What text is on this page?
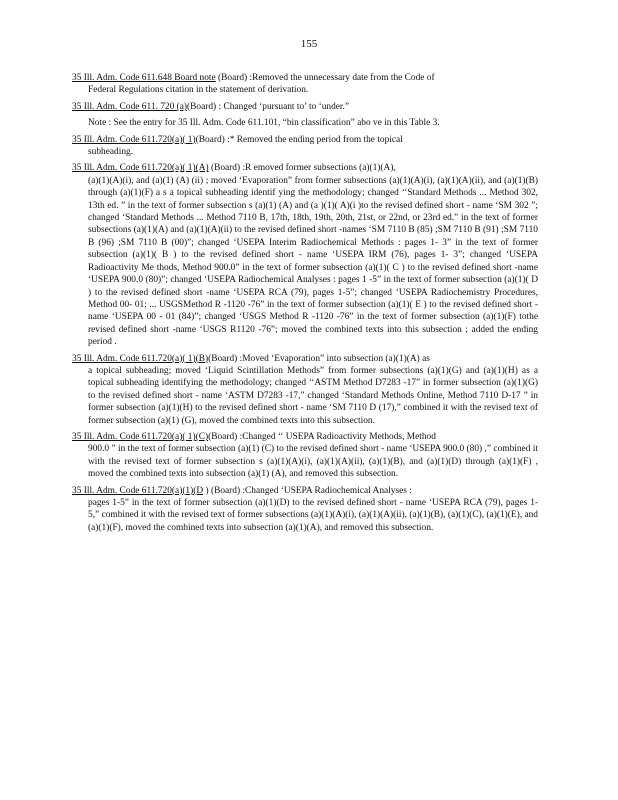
155

35 Ill. Adm. Code 611.648 Board note (Board) :Removed the unnecessary date from the Code of
Federal Regulations citation in the statement of derivation.

35 Ill. Adm. Code 611. 720 (a)(Board) : Changed ‘pursuant to’ to ‘under.”

Note : See the entry for 35 Ill. Adm. Code 611.101, “bin classification” abo ve in this Table 3.

35 Ill. Adm. Code 611.720(a)( 1)(Board) :* Removed the ending period from the topical
subheading.

35 Ill. Adm. Code 611.720(a)( 1)(A) (Board) :R emoved former subsections (a)(1)(A),
(a)(1)(A)(i), and (a)(1) (A) (ii) ; moved ‘Evaporation” from former subsections (a)(1)(A)(i), (a)(1)(A)(ii), and (a)(1)(B) through (a)(1)(F) a s a topical subheading identif ying the methodology; changed ‘‘Standard Methods ... Method 302, 13th ed. ” in the text of former subsection s (a)(1) (A) and (a )(1)( A)(i )to the revised defined short - name ‘SM 302 ”; changed ‘Standard Methods ... Method 7110 B, 17th, 18th, 19th, 20th, 21st, or 22nd, or 23rd ed.” in the text of former subsections (a)(1)(A) and (a)(1)(A)(ii) to the revised defined short -names ‘SM 7110 B (85) ;SM 7110 B (91) ;SM 7110 B (96) ;SM 7110 B (00)”; changed ‘USEPA Interim Radiochemical Methods : pages 1- 3” in the text of former subsection (a)(1)( B ) to the revised defined short - name ‘USEPA IRM (76), pages 1- 3”; changed ‘USEPA Radioactivity Me thods, Method 900.0” in the text of former subsection (a)(1)( C ) to the revised defined short -name ‘USEPA 900.0 (80)”; changed ‘USEPA Radiochemical Analyses : pages 1 -5” in the text of former subsection (a)(1)( D ) to the revised defined short -name ‘USEPA RCA (79), pages 1-5”; changed ‘USEPA Radiochemistry Procedures, Method 00- 01; ... USGSMethod R -1120 -76” in the text of former subsection (a)(1)( E ) to the revised defined short - name ‘USEPA 00 - 01 (84)”; changed ‘USGS Method R -1120 -76” in the text of former subsection (a)(1)(F) tothe revised defined short -name ‘USGS R1120 -76”; moved the combined texts into this subsection ; added the ending period .

35 Ill. Adm. Code 611.720(a)( 1)(B)(Board) :Moved ‘Evaporation” into subsection (a)(1)(A) as
a topical subheading; moved ‘Liquid Scintillation Methods” from former subsections (a)(1)(G) and (a)(1)(H) as a topical subheading identifying the methodology; changed ‘‘ASTM Method D7283 -17” in former subsection (a)(1)(G) to the revised defined short - name ‘ASTM D7283 -17,” changed ‘Standard Methods Online, Method 7110 D-17 ” in former subsection (a)(1)(H) to the revised defined short - name ‘SM 7110 D (17),” combined it with the revised text of former subsection (a)(1) (G), moved the combined texts into this subsection.

35 Ill. Adm. Code 611.720(a)( 1)(C)(Board) :Changed ‘‘ USEPA Radioactivity Methods, Method
900.0 ” in the text of former subsection (a)(1) (C) to the revised defined short - name ‘USEPA 900.0 (80) ,” combined it with the revised text of former subsection s (a)(1)(A)(i), (a)(1)(A)(ii), (a)(1)(B), and (a)(1)(D) through (a)(1)(F) , moved the combined texts into subsection (a)(1) (A), and removed this subsection.

35 Ill. Adm. Code 611.720(a)(1)(D ) (Board) :Changed ‘USEPA Radiochemical Analyses :
pages 1-5” in the text of former subsection (a)(1)(D) to the revised defined short - name ‘USEPA RCA (79), pages 1- 5,” combined it with the revised text of former subsections (a)(1)(A)(i), (a)(1)(A)(ii), (a)(1)(B), (a)(1)(C), (a)(1)(E), and (a)(1)(F), moved the combined texts into subsection (a)(1)(A), and removed this subsection.
